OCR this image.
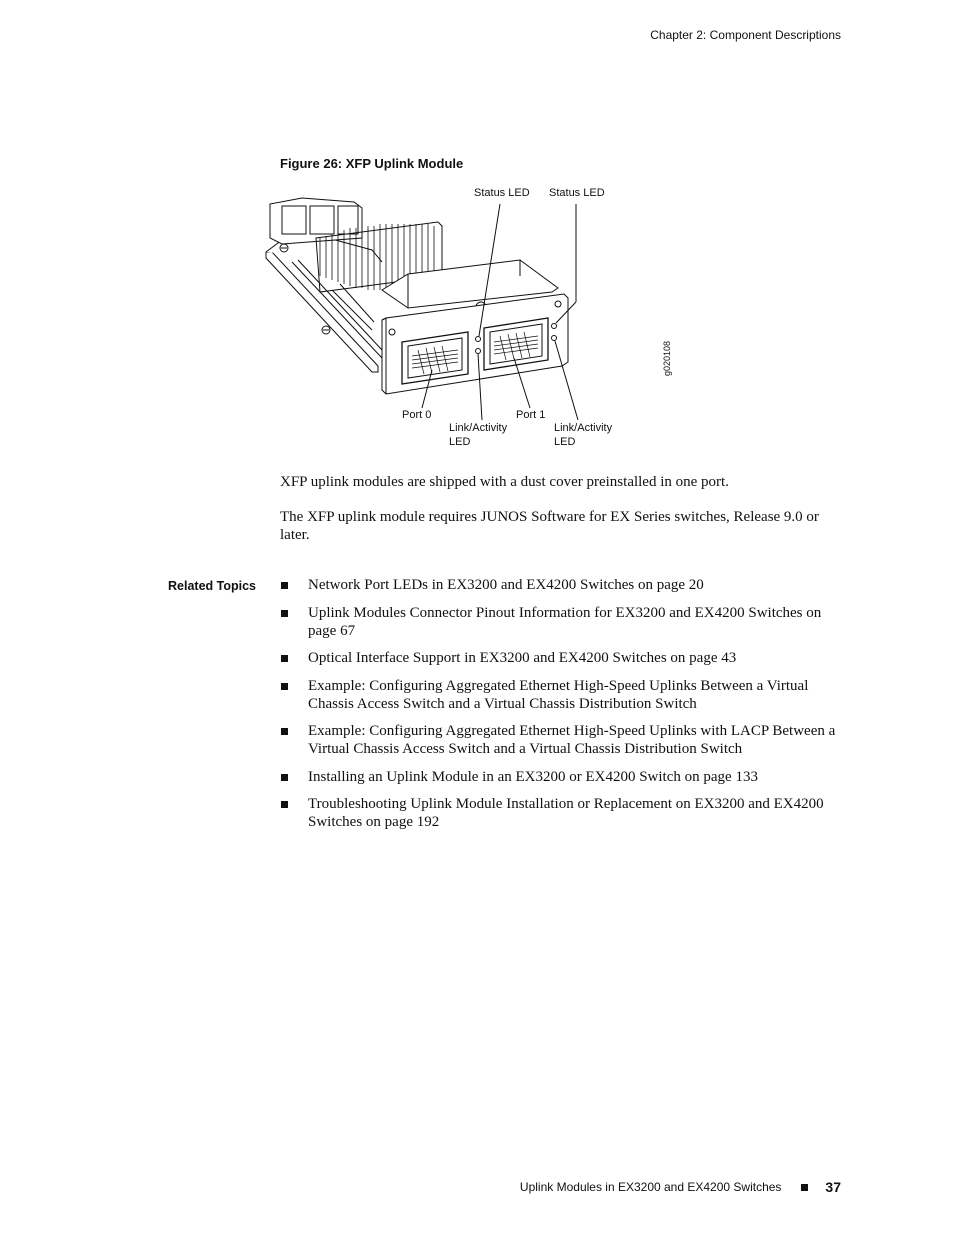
Chapter 2: Component Descriptions
Figure 26: XFP Uplink Module
Status LED Status LED
Port 0	Port 1
Link/Activity
LED
Link/Activity
LED
g020108

XFP uplink modules are shipped with a dust cover preinstalled in one port.

The XFP uplink module requires JUNOS Software for EX Series switches, Release 9.0 or later.

Related Topics	Network Port LEDs in EX3200 and EX4200 Switches on page 20
Uplink Modules Connector Pinout Information for EX3200 and EX4200 Switches on page 67
Optical Interface Support in EX3200 and EX4200 Switches on page 43
Example: Configuring Aggregated Ethernet High-Speed Uplinks Between a Virtual Chassis Access Switch and a Virtual Chassis Distribution Switch
Example: Configuring Aggregated Ethernet High-Speed Uplinks with LACP Between a Virtual Chassis Access Switch and a Virtual Chassis Distribution Switch
Installing an Uplink Module in an EX3200 or EX4200 Switch on page 133
Troubleshooting Uplink Module Installation or Replacement on EX3200 and EX4200 Switches on page 192
Uplink Modules in EX3200 and EX4200 Switches	37
